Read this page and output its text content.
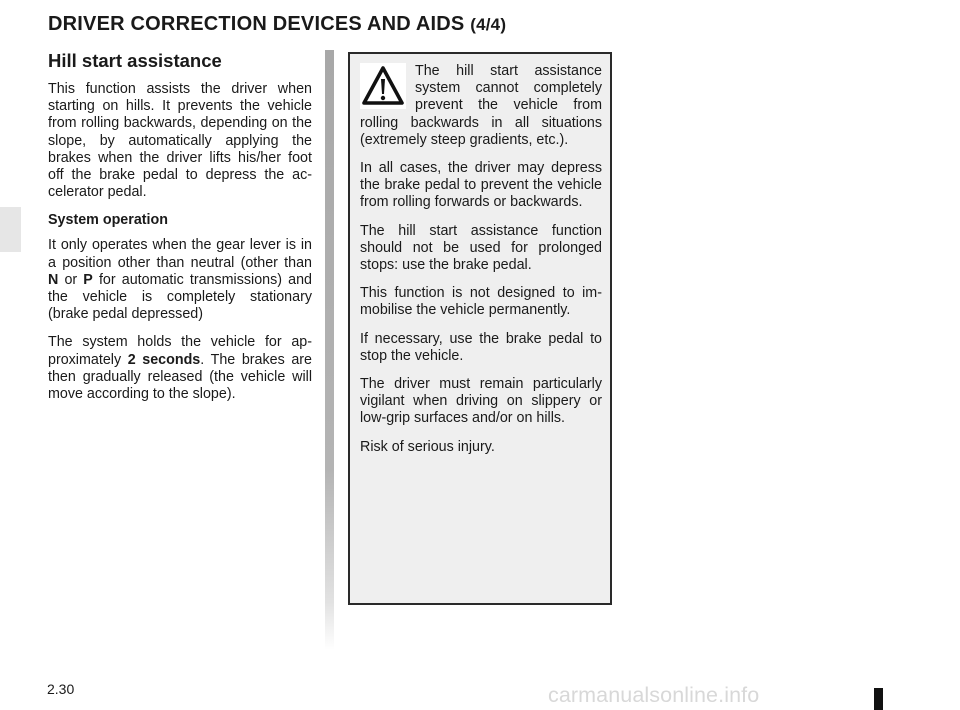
DRIVER CORRECTION DEVICES AND AIDS (4/4)
Hill start assistance

This function assists the driver when starting on hills. It prevents the vehicle from rolling backwards, depending on the slope, by automatically applying the brakes when the driver lifts his/her foot off the brake pedal to depress the accelerator pedal.

System operation

It only operates when the gear lever is in a position other than neutral (other than N or P for automatic transmissions) and the vehicle is completely stationary (brake pedal depressed)

The system holds the vehicle for approximately 2 seconds. The brakes are then gradually released (the vehicle will move according to the slope).

The hill start assistance system cannot completely prevent the vehicle from rolling backwards in all situations (extremely steep gradients, etc.).

In all cases, the driver may depress the brake pedal to prevent the vehicle from rolling forwards or backwards.

The hill start assistance function should not be used for prolonged stops: use the brake pedal.

This function is not designed to immobilise the vehicle permanently.

If necessary, use the brake pedal to stop the vehicle.

The driver must remain particularly vigilant when driving on slippery or low-grip surfaces and/or on hills.

Risk of serious injury.

2.30	carmanualsonline.info
